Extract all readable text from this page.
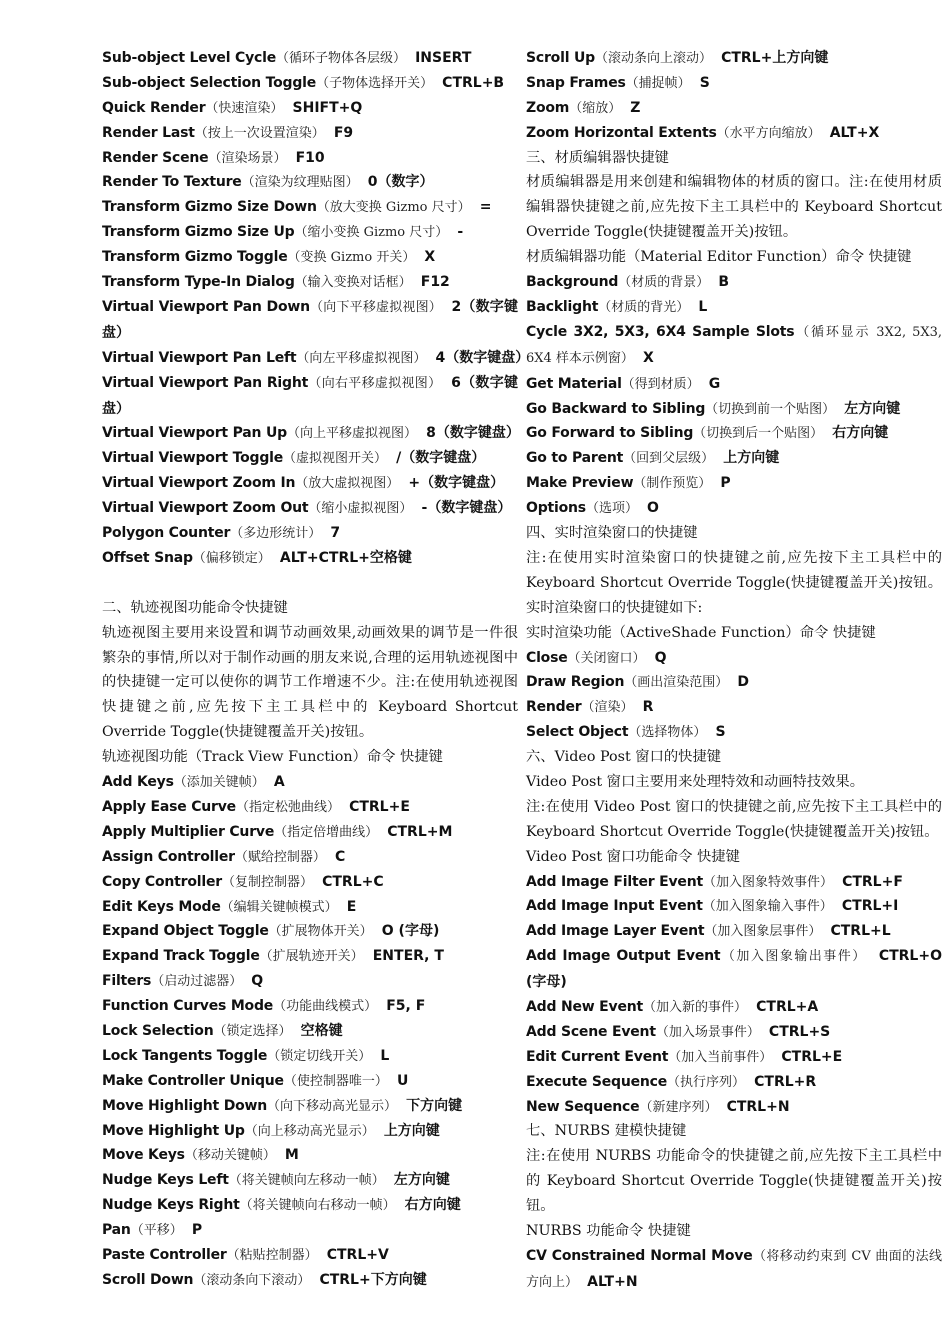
Sub-object Level Cycle（循环子物体各层级） INSERT
Sub-object Selection Toggle（子物体选择开关） CTRL+B
Quick Render（快速渲染） SHIFT+Q
Render Last（按上一次设置渲染） F9
Render Scene（渲染场景） F10
Render To Texture（渲染为纹理贴图） 0（数字）
Transform Gizmo Size Down（放大变换 Gizmo 尺寸） =
Transform Gizmo Size Up（缩小变换 Gizmo 尺寸） -
Transform Gizmo Toggle（变换 Gizmo 开关） X
Transform Type-In Dialog（输入变换对话框） F12
Virtual Viewport Pan Down（向下平移虚拟视图） 2（数字键盘）
Virtual Viewport Pan Left（向左平移虚拟视图） 4（数字键盘）
Virtual Viewport Pan Right（向右平移虚拟视图） 6（数字键盘）
Virtual Viewport Pan Up（向上平移虚拟视图） 8（数字键盘）
Virtual Viewport Toggle（虚拟视图开关） /（数字键盘）
Virtual Viewport Zoom In（放大虚拟视图） +（数字键盘）
Virtual Viewport Zoom Out（缩小虚拟视图） -（数字键盘）
Polygon Counter（多边形统计） 7
Offset Snap（偏移锁定） ALT+CTRL+空格键
二、轨迹视图功能命令快捷键
轨迹视图主要用来设置和调节动画效果,动画效果的调节是一件很繁杂的事情,所以对于制作动画的朋友来说,合理的运用轨迹视图中的快捷键一定可以使你的调节工作增速不少。注:在使用轨迹视图快捷键之前,应先按下主工具栏中的 Keyboard Shortcut Override Toggle(快捷键覆盖开关)按钮。
轨迹视图功能（Track View Function）命令 快捷键
Add Keys（添加关键帧） A
Apply Ease Curve（指定松弛曲线） CTRL+E
Apply Multiplier Curve（指定倍增曲线） CTRL+M
Assign Controller（赋给控制器） C
Copy Controller（复制控制器） CTRL+C
Edit Keys Mode（编辑关键帧模式） E
Expand Object Toggle（扩展物体开关） O (字母)
Expand Track Toggle（扩展轨迹开关） ENTER, T
Filters（启动过滤器） Q
Function Curves Mode（功能曲线模式） F5, F
Lock Selection（锁定选择） 空格键
Lock Tangents Toggle（锁定切线开关） L
Make Controller Unique（使控制器唯一） U
Move Highlight Down（向下移动高光显示） 下方向键
Move Highlight Up（向上移动高光显示） 上方向键
Move Keys（移动关键帧） M
Nudge Keys Left（将关键帧向左移动一帧） 左方向键
Nudge Keys Right（将关键帧向右移动一帧） 右方向键
Pan（平移） P
Paste Controller（粘贴控制器） CTRL+V
Scroll Down（滚动条向下滚动） CTRL+下方向键
Scroll Up（滚动条向上滚动） CTRL+上方向键
Snap Frames（捕捉帧） S
Zoom（缩放） Z
Zoom Horizontal Extents（水平方向缩放） ALT+X
三、材质编辑器快捷键
材质编辑器是用来创建和编辑物体的材质的窗口。注:在使用材质编辑器快捷键之前,应先按下主工具栏中的 Keyboard Shortcut Override Toggle(快捷键覆盖开关)按钮。
材质编辑器功能（Material Editor Function）命令 快捷键
Background（材质的背景） B
Backlight（材质的背光） L
Cycle 3X2, 5X3, 6X4 Sample Slots（循环显示 3X2, 5X3, 6X4 样本示例窗） X
Get Material（得到材质） G
Go Backward to Sibling（切换到前一个贴图） 左方向键
Go Forward to Sibling（切换到后一个贴图） 右方向键
Go to Parent（回到父层级） 上方向键
Make Preview（制作预览） P
Options（选项） O
四、实时渲染窗口的快捷键
注:在使用实时渲染窗口的快捷键之前,应先按下主工具栏中的 Keyboard Shortcut Override Toggle(快捷键覆盖开关)按钮。实时渲染窗口的快捷键如下:
实时渲染功能（ActiveShade Function）命令 快捷键
Close（关闭窗口） Q
Draw Region（画出渲染范围） D
Render（渲染） R
Select Object（选择物体） S
六、Video Post 窗口的快捷键
Video Post 窗口主要用来处理特效和动画特技效果。
注:在使用 Video Post 窗口的快捷键之前,应先按下主工具栏中的 Keyboard Shortcut Override Toggle(快捷键覆盖开关)按钮。
Video Post 窗口功能命令 快捷键
Add Image Filter Event（加入图象特效事件） CTRL+F
Add Image Input Event（加入图象输入事件） CTRL+I
Add Image Layer Event（加入图象层事件） CTRL+L
Add Image Output Event（加入图象输出事件） CTRL+O (字母)
Add New Event（加入新的事件） CTRL+A
Add Scene Event（加入场景事件） CTRL+S
Edit Current Event（加入当前事件） CTRL+E
Execute Sequence（执行序列） CTRL+R
New Sequence（新建序列） CTRL+N
七、NURBS 建模快捷键
注:在使用 NURBS 功能命令的快捷键之前,应先按下主工具栏中的 Keyboard Shortcut Override Toggle(快捷键覆盖开关)按钮。
NURBS 功能命令 快捷键
CV Constrained Normal Move（将移动约束到 CV 曲面的法线方向上） ALT+N
